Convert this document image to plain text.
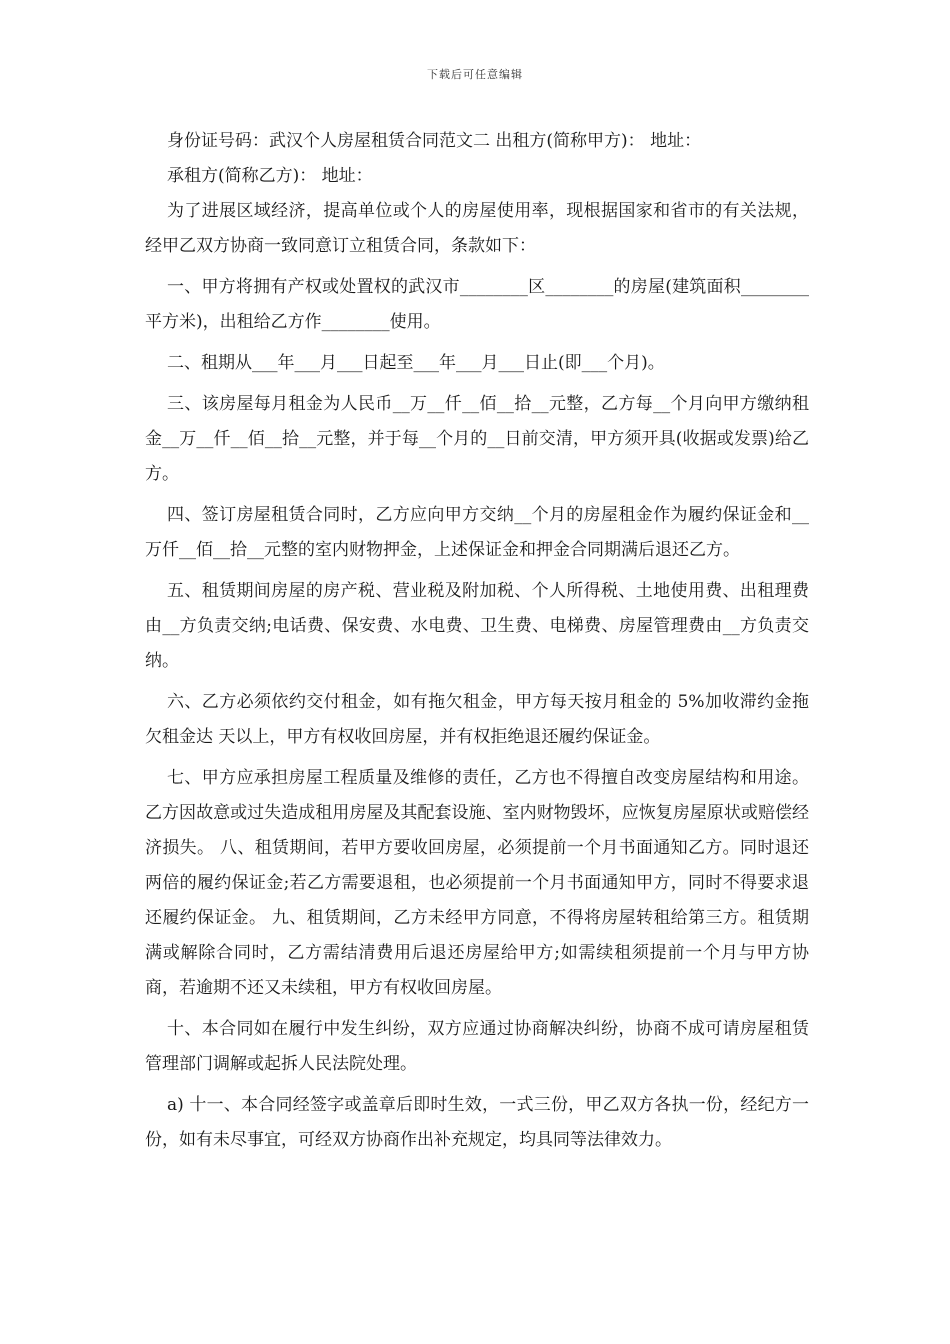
下载后可任意编辑

身份证号码：武汉个人房屋租赁合同范文二 出租方(简称甲方)： 地址：

承租方(简称乙方)： 地址：

为了进展区域经济，提高单位或个人的房屋使用率，现根据国家和省市的有关法规，经甲乙双方协商一致同意订立租赁合同，条款如下：

一、甲方将拥有产权或处置权的武汉市________区________的房屋(建筑面积________平方米)，出租给乙方作________使用。

二、租期从___年___月___日起至___年___月___日止(即___个月)。

三、该房屋每月租金为人民币__万__仟__佰__拾__元整，乙方每__个月向甲方缴纳租金__万__仟__佰__拾__元整，并于每__个月的__日前交清，甲方须开具(收据或发票)给乙方。

四、签订房屋租赁合同时，乙方应向甲方交纳__个月的房屋租金作为履约保证金和__万仟__佰__拾__元整的室内财物押金，上述保证金和押金合同期满后退还乙方。

五、租赁期间房屋的房产税、营业税及附加税、个人所得税、土地使用费、出租理费由__方负责交纳;电话费、保安费、水电费、卫生费、电梯费、房屋管理费由__方负责交纳。

六、乙方必须依约交付租金，如有拖欠租金，甲方每天按月租金的 5%加收滞约金拖欠租金达 天以上，甲方有权收回房屋，并有权拒绝退还履约保证金。

七、甲方应承担房屋工程质量及维修的责任，乙方也不得擅自改变房屋结构和用途。乙方因故意或过失造成租用房屋及其配套设施、室内财物毁坏，应恢复房屋原状或赔偿经济损失。 八、租赁期间，若甲方要收回房屋，必须提前一个月书面通知乙方。同时退还两倍的履约保证金;若乙方需要退租，也必须提前一个月书面通知甲方，同时不得要求退还履约保证金。 九、租赁期间，乙方未经甲方同意，不得将房屋转租给第三方。租赁期满或解除合同时，乙方需结清费用后退还房屋给甲方;如需续租须提前一个月与甲方协商，若逾期不还又未续租，甲方有权收回房屋。

十、本合同如在履行中发生纠纷，双方应通过协商解决纠纷，协商不成可请房屋租赁管理部门调解或起拆人民法院处理。

a) 十一、本合同经签字或盖章后即时生效，一式三份，甲乙双方各执一份，经纪方一份，如有未尽事宜，可经双方协商作出补充规定，均具同等法律效力。
